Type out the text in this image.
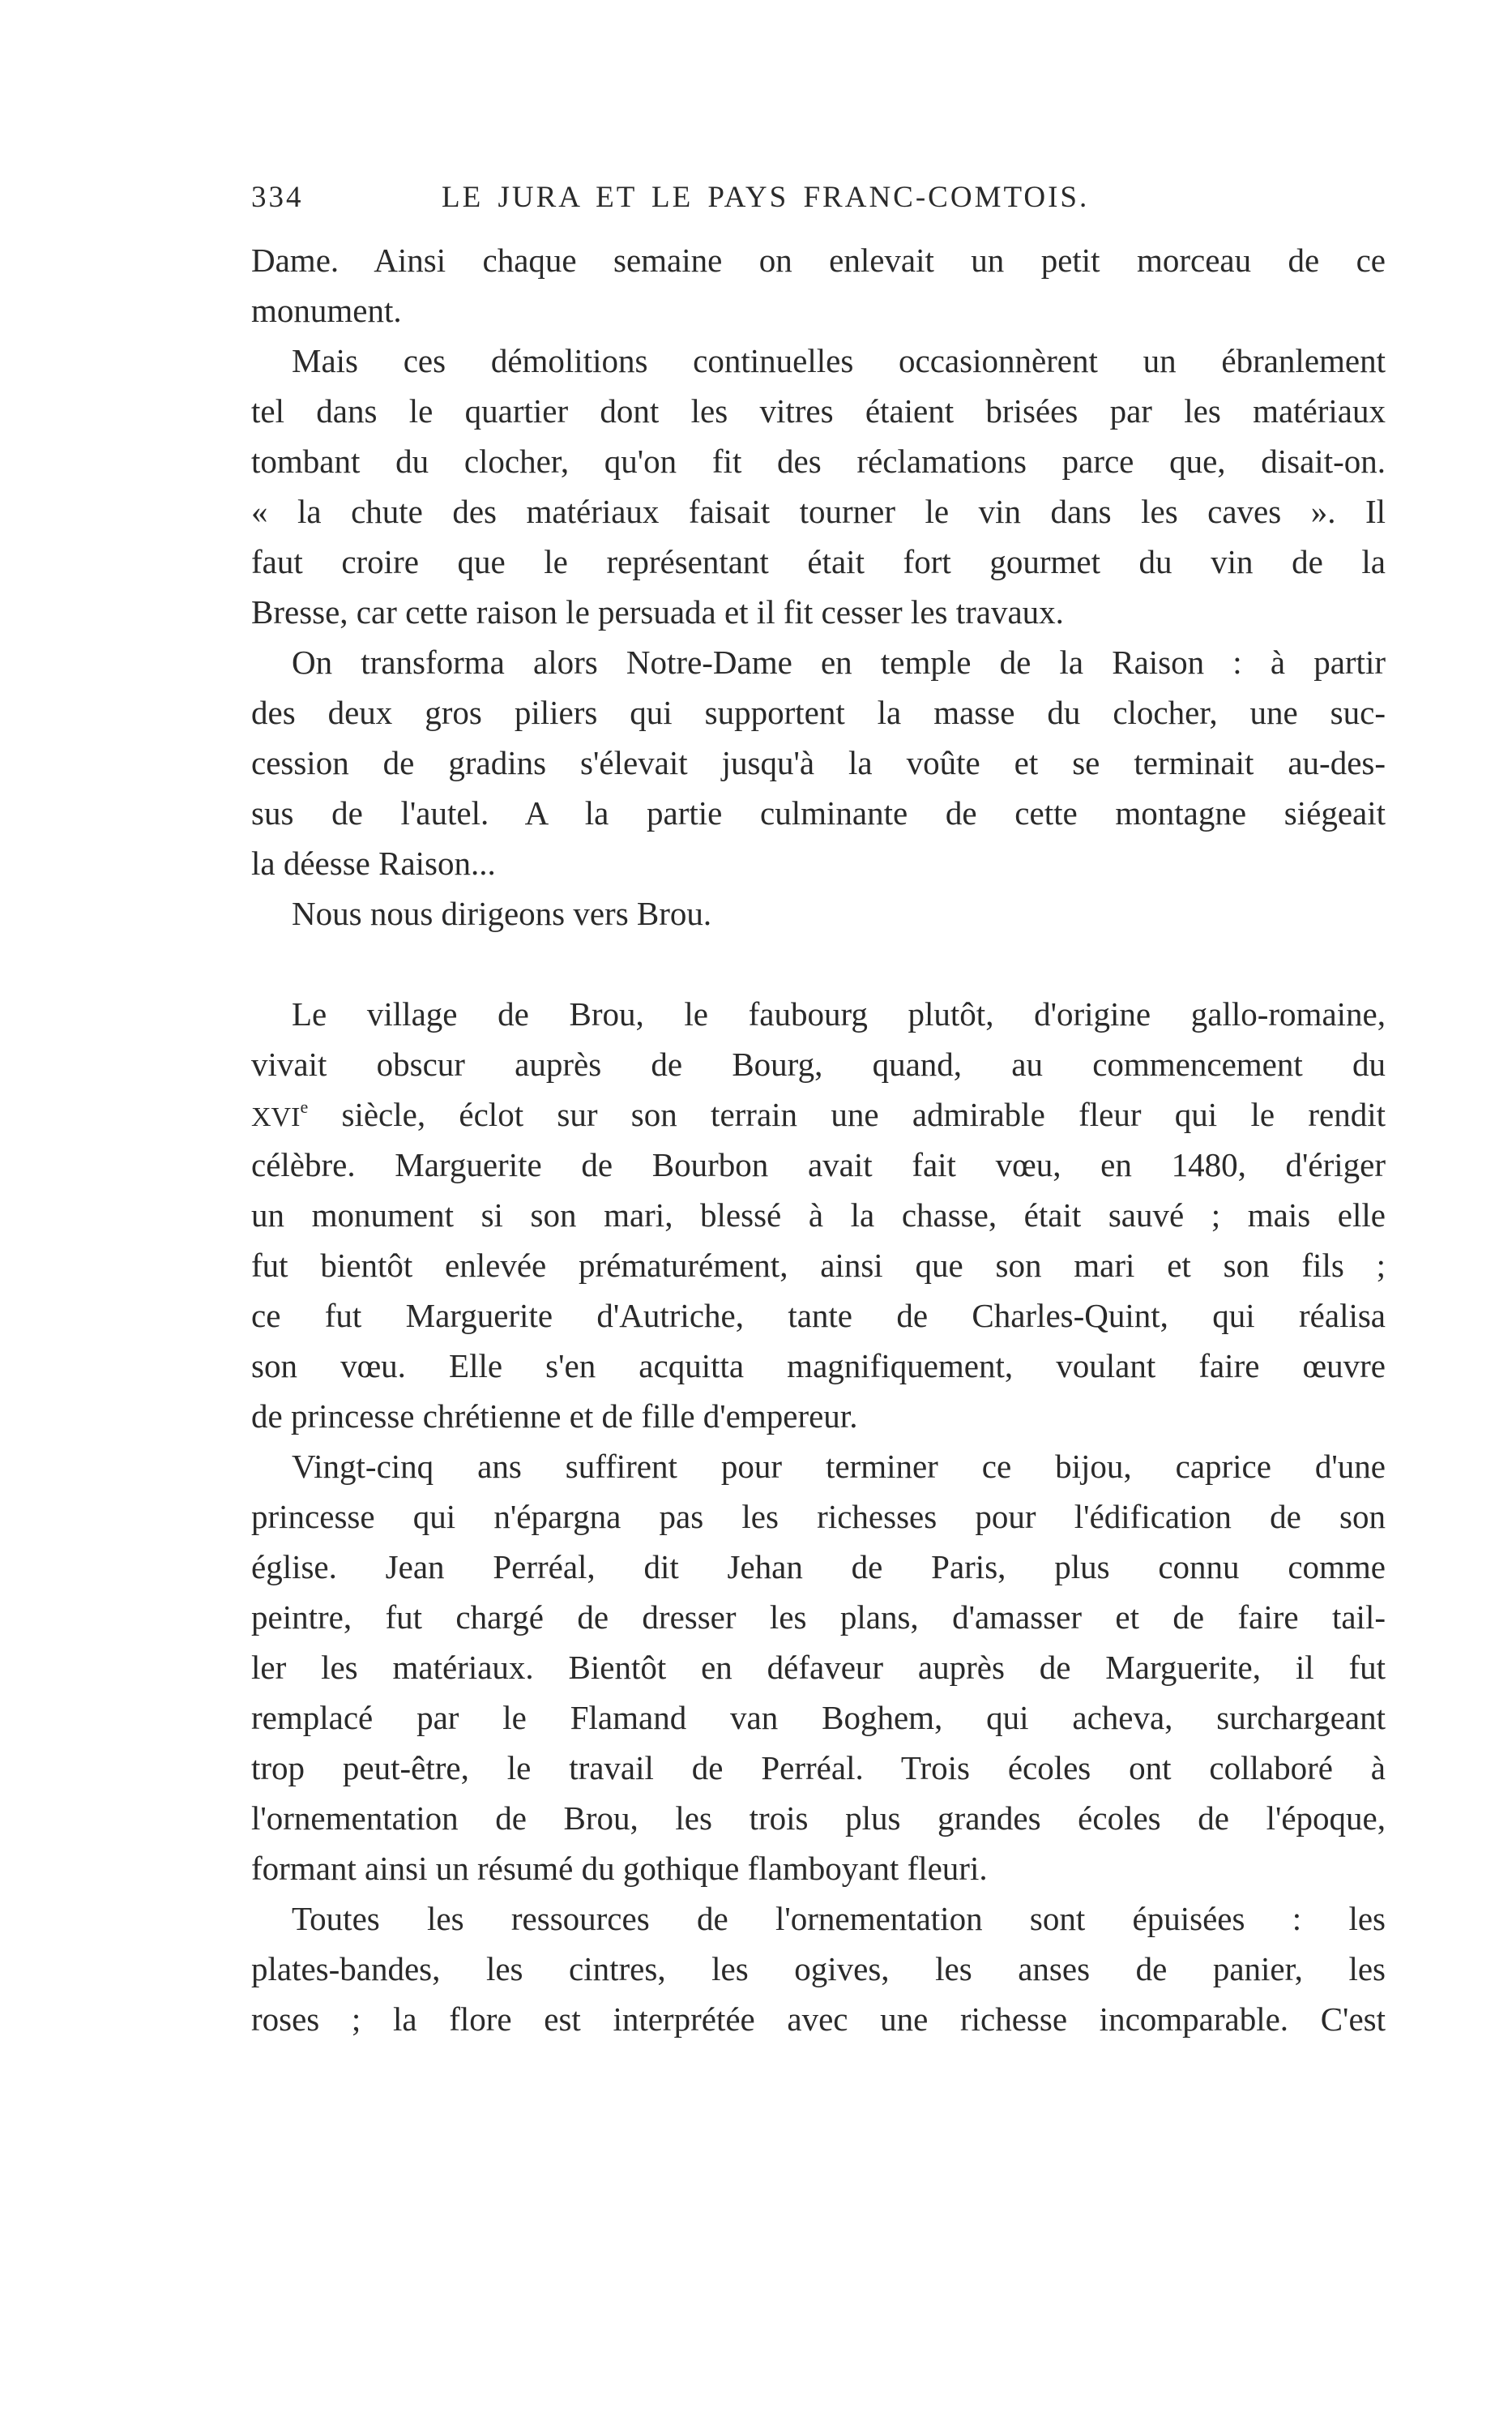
334	LE JURA ET LE PAYS FRANC-COMTOIS.
Dame. Ainsi chaque semaine on enlevait un petit morceau de ce
monument.
Mais ces démolitions continuelles occasionnèrent un ébranlement
tel dans le quartier dont les vitres étaient brisées par les matériaux
tombant du clocher, qu'on fit des réclamations parce que, disait-on.
« la chute des matériaux faisait tourner le vin dans les caves ». Il
faut croire que le représentant était fort gourmet du vin de la
Bresse, car cette raison le persuada et il fit cesser les travaux.
On transforma alors Notre-Dame en temple de la Raison : à partir
des deux gros piliers qui supportent la masse du clocher, une suc-
cession de gradins s'élevait jusqu'à la voûte et se terminait au-des-
sus de l'autel. A la partie culminante de cette montagne siégeait
la déesse Raison...
Nous nous dirigeons vers Brou.
Le village de Brou, le faubourg plutôt, d'origine gallo-romaine,
vivait obscur auprès de Bourg, quand, au commencement du
XVIe siècle, éclot sur son terrain une admirable fleur qui le rendit
célèbre. Marguerite de Bourbon avait fait vœu, en 1480, d'ériger
un monument si son mari, blessé à la chasse, était sauvé ; mais elle
fut bientôt enlevée prématurément, ainsi que son mari et son fils ;
ce fut Marguerite d'Autriche, tante de Charles-Quint, qui réalisa
son vœu. Elle s'en acquitta magnifiquement, voulant faire œuvre
de princesse chrétienne et de fille d'empereur.
Vingt-cinq ans suffirent pour terminer ce bijou, caprice d'une
princesse qui n'épargna pas les richesses pour l'édification de son
église. Jean Perréal, dit Jehan de Paris, plus connu comme
peintre, fut chargé de dresser les plans, d'amasser et de faire tail-
ler les matériaux. Bientôt en défaveur auprès de Marguerite, il fut
remplacé par le Flamand van Boghem, qui acheva, surchargeant
trop peut-être, le travail de Perréal. Trois écoles ont collaboré à
l'ornementation de Brou, les trois plus grandes écoles de l'époque,
formant ainsi un résumé du gothique flamboyant fleuri.
Toutes les ressources de l'ornementation sont épuisées : les
plates-bandes, les cintres, les ogives, les anses de panier, les
roses ; la flore est interprétée avec une richesse incomparable. C'est
